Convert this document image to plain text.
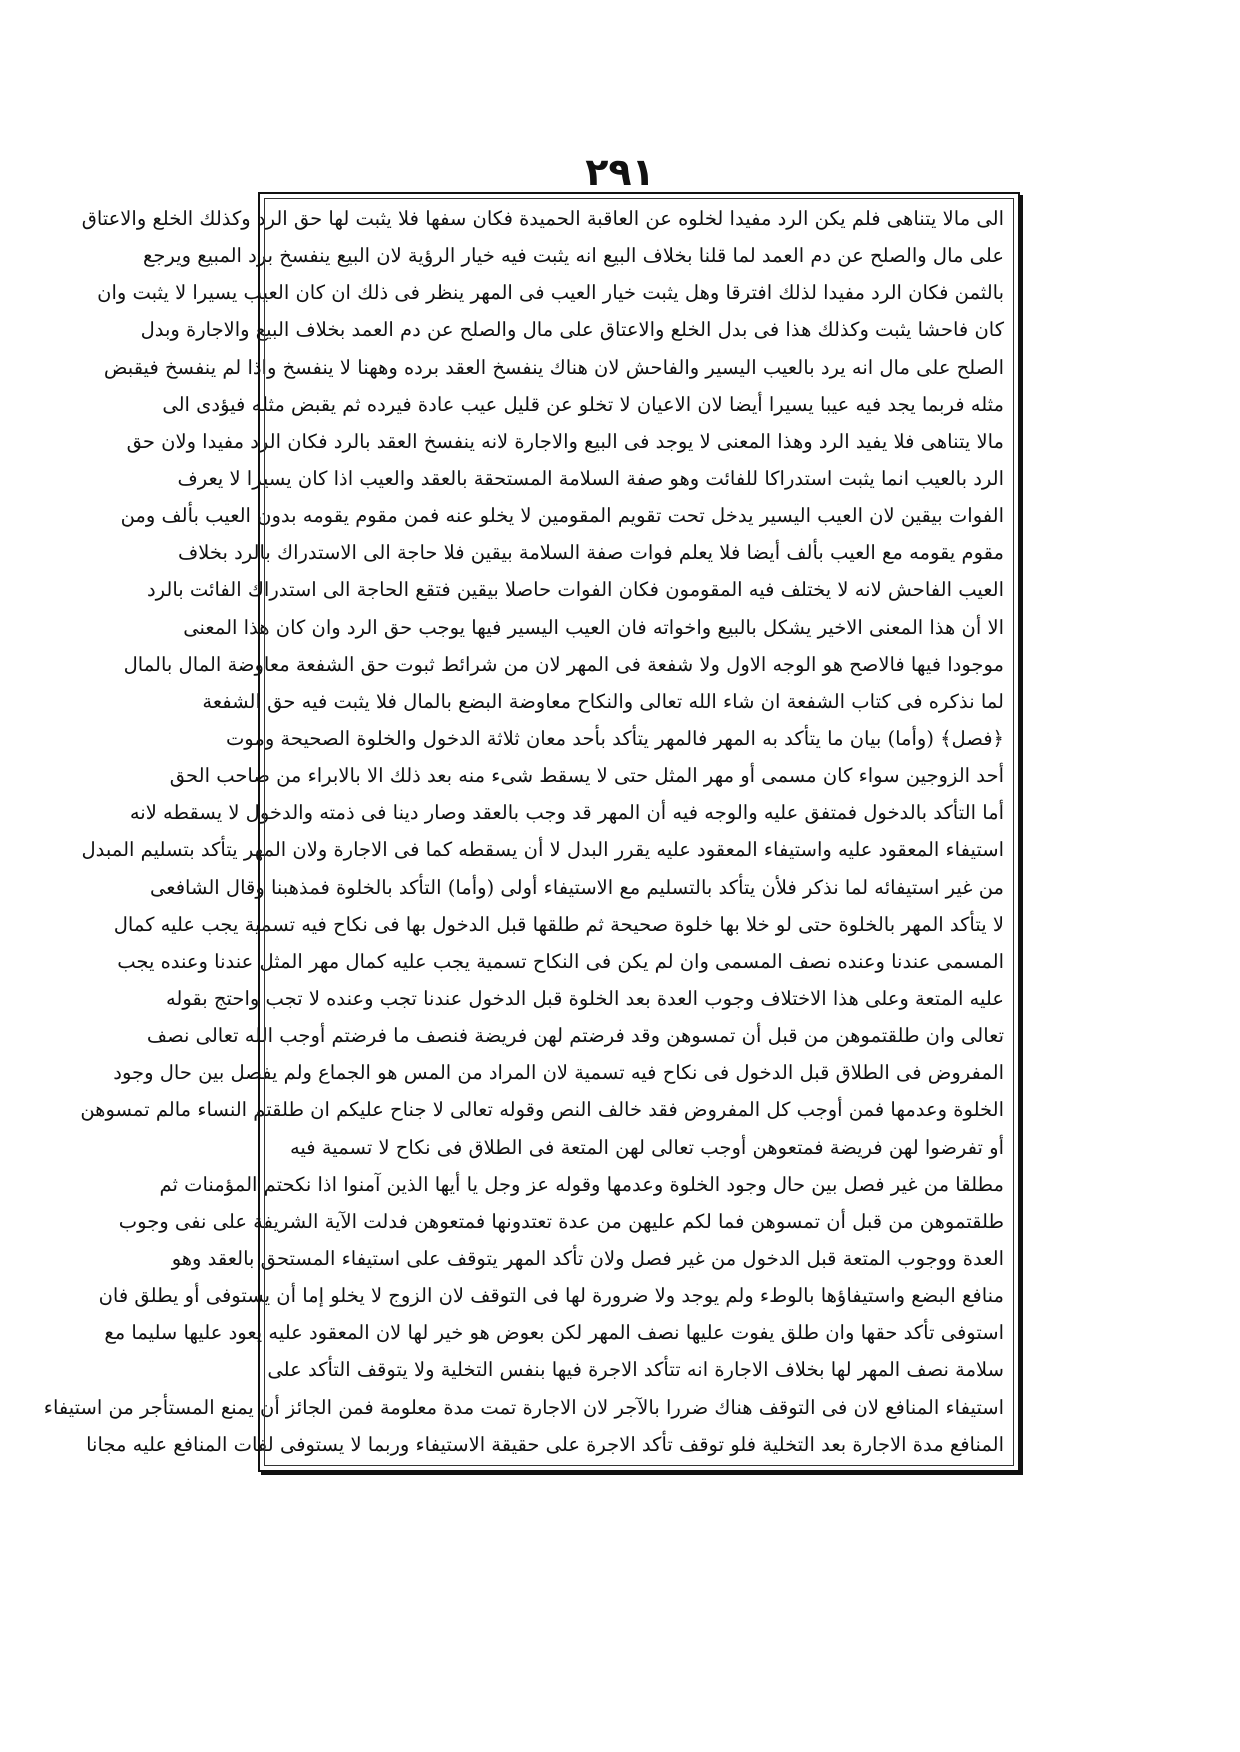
٢٩١
الى مالا يتناهى فلم يكن الرد مفيدا لخلوه عن العاقبة الحميدة فكان سفها فلا يثبت لها حق الرد وكذلك الخلع والاعتاق
على مال والصلح عن دم العمد لما قلنا بخلاف البيع انه يثبت فيه خيار الرؤية لان البيع ينفسخ برد المبيع ويرجع
بالثمن فكان الرد مفيدا لذلك افترقا وهل يثبت خيار العيب فى المهر ينظر فى ذلك ان كان العيب يسيرا لا يثبت وان
كان فاحشا يثبت وكذلك هذا فى بدل الخلع والاعتاق على مال والصلح عن دم العمد بخلاف البيع والاجارة وبدل
الصلح على مال انه يرد بالعيب اليسير والفاحش لان هناك ينفسخ العقد برده وههنا لا ينفسخ واذا لم ينفسخ فيقبض
مثله فربما يجد فيه عيبا يسيرا أيضا لان الاعيان لا تخلو عن قليل عيب عادة فيرده ثم يقبض مثله فيؤدى الى
مالا يتناهى فلا يفيد الرد وهذا المعنى لا يوجد فى البيع والاجارة لانه ينفسخ العقد بالرد فكان الرد مفيدا ولان حق
الرد بالعيب انما يثبت استدراكا للفائت وهو صفة السلامة المستحقة بالعقد والعيب اذا كان يسيرا لا يعرف
الفوات بيقين لان العيب اليسير يدخل تحت تقويم المقومين لا يخلو عنه فمن مقوم يقومه بدون العيب بألف ومن
مقوم يقومه مع العيب بألف أيضا فلا يعلم فوات صفة السلامة بيقين فلا حاجة الى الاستدراك بالرد بخلاف
العيب الفاحش لانه لا يختلف فيه المقومون فكان الفوات حاصلا بيقين فتقع الحاجة الى استدراك الفائت بالرد
الا أن هذا المعنى الاخير يشكل بالبيع واخواته فان العيب اليسير فيها يوجب حق الرد وان كان هذا المعنى
موجودا فيها فالاصح هو الوجه الاول ولا شفعة فى المهر لان من شرائط ثبوت حق الشفعة معاوضة المال بالمال
لما نذكره فى كتاب الشفعة ان شاء الله تعالى والنكاح معاوضة البضع بالمال فلا يثبت فيه حق الشفعة
﴿فصل﴾ (وأما) بيان ما يتأكد به المهر فالمهر يتأكد بأحد معان ثلاثة الدخول والخلوة الصحيحة وموت
أحد الزوجين سواء كان مسمى أو مهر المثل حتى لا يسقط شىء منه بعد ذلك الا بالابراء من صاحب الحق
أما التأكد بالدخول فمتفق عليه والوجه فيه أن المهر قد وجب بالعقد وصار دينا فى ذمته والدخول لا يسقطه لانه
استيفاء المعقود عليه واستيفاء المعقود عليه يقرر البدل لا أن يسقطه كما فى الاجارة ولان المهر يتأكد بتسليم المبدل
من غير استيفائه لما نذكر فلأن يتأكد بالتسليم مع الاستيفاء أولى (وأما) التأكد بالخلوة فمذهبنا وقال الشافعى
لا يتأكد المهر بالخلوة حتى لو خلا بها خلوة صحيحة ثم طلقها قبل الدخول بها فى نكاح فيه تسمية يجب عليه كمال
المسمى عندنا وعنده نصف المسمى وان لم يكن فى النكاح تسمية يجب عليه كمال مهر المثل عندنا وعنده يجب
عليه المتعة وعلى هذا الاختلاف وجوب العدة بعد الخلوة قبل الدخول عندنا تجب وعنده لا تجب واحتج بقوله
تعالى وان طلقتموهن من قبل أن تمسوهن وقد فرضتم لهن فريضة فنصف ما فرضتم أوجب الله تعالى نصف
المفروض فى الطلاق قبل الدخول فى نكاح فيه تسمية لان المراد من المس هو الجماع ولم يفصل بين حال وجود
الخلوة وعدمها فمن أوجب كل المفروض فقد خالف النص وقوله تعالى لا جناح عليكم ان طلقتم النساء مالم تمسوهن
أو تفرضوا لهن فريضة فمتعوهن أوجب تعالى لهن المتعة فى الطلاق فى نكاح لا تسمية فيه
مطلقا من غير فصل بين حال وجود الخلوة وعدمها وقوله عز وجل يا أيها الذين آمنوا اذا نكحتم المؤمنات ثم
طلقتموهن من قبل أن تمسوهن فما لكم عليهن من عدة تعتدونها فمتعوهن فدلت الآية الشريفة على نفى وجوب
العدة ووجوب المتعة قبل الدخول من غير فصل ولان تأكد المهر يتوقف على استيفاء المستحق بالعقد وهو
منافع البضع واستيفاؤها بالوطء ولم يوجد ولا ضرورة لها فى التوقف لان الزوج لا يخلو إما أن يستوفى أو يطلق فان
استوفى تأكد حقها وان طلق يفوت عليها نصف المهر لكن بعوض هو خير لها لان المعقود عليه يعود عليها سليما مع
سلامة نصف المهر لها بخلاف الاجارة انه تتأكد الاجرة فيها بنفس التخلية ولا يتوقف التأكد على
استيفاء المنافع لان فى التوقف هناك ضررا بالآجر لان الاجارة تمت مدة معلومة فمن الجائز أن يمنع المستأجر من استيفاء
المنافع مدة الاجارة بعد التخلية فلو توقف تأكد الاجرة على حقيقة الاستيفاء وربما لا يستوفى لفات المنافع عليه مجانا
